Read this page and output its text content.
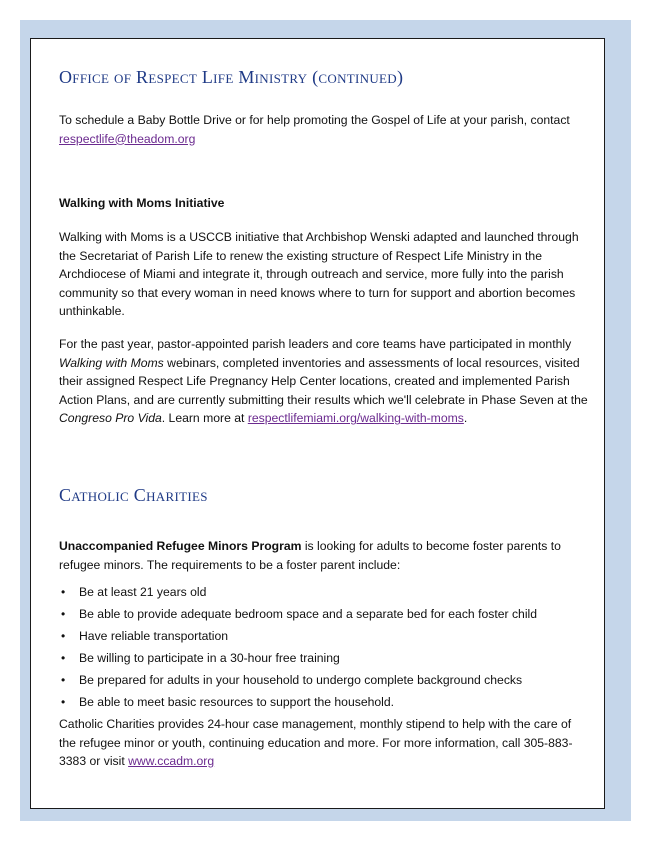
Office of Respect Life Ministry (continued)

To schedule a Baby Bottle Drive or for help promoting the Gospel of Life at your parish, contact respectlife@theadom.org

Walking with Moms Initiative

Walking with Moms is a USCCB initiative that Archbishop Wenski adapted and launched through the Secretariat of Parish Life to renew the existing structure of Respect Life Ministry in the Archdiocese of Miami and integrate it, through outreach and service, more fully into the parish community so that every woman in need knows where to turn for support and abortion becomes unthinkable.

For the past year, pastor-appointed parish leaders and core teams have participated in monthly Walking with Moms webinars, completed inventories and assessments of local resources, visited their assigned Respect Life Pregnancy Help Center locations, created and implemented Parish Action Plans, and are currently submitting their results which we'll celebrate in Phase Seven at the Congreso Pro Vida. Learn more at respectlifemiami.org/walking-with-moms.

Catholic Charities

Unaccompanied Refugee Minors Program is looking for adults to become foster parents to refugee minors. The requirements to be a foster parent include:

• Be at least 21 years old
• Be able to provide adequate bedroom space and a separate bed for each foster child
• Have reliable transportation
• Be willing to participate in a 30-hour free training
• Be prepared for adults in your household to undergo complete background checks
• Be able to meet basic resources to support the household.

Catholic Charities provides 24-hour case management, monthly stipend to help with the care of the refugee minor or youth, continuing education and more. For more information, call 305-883-3383 or visit www.ccadm.org
